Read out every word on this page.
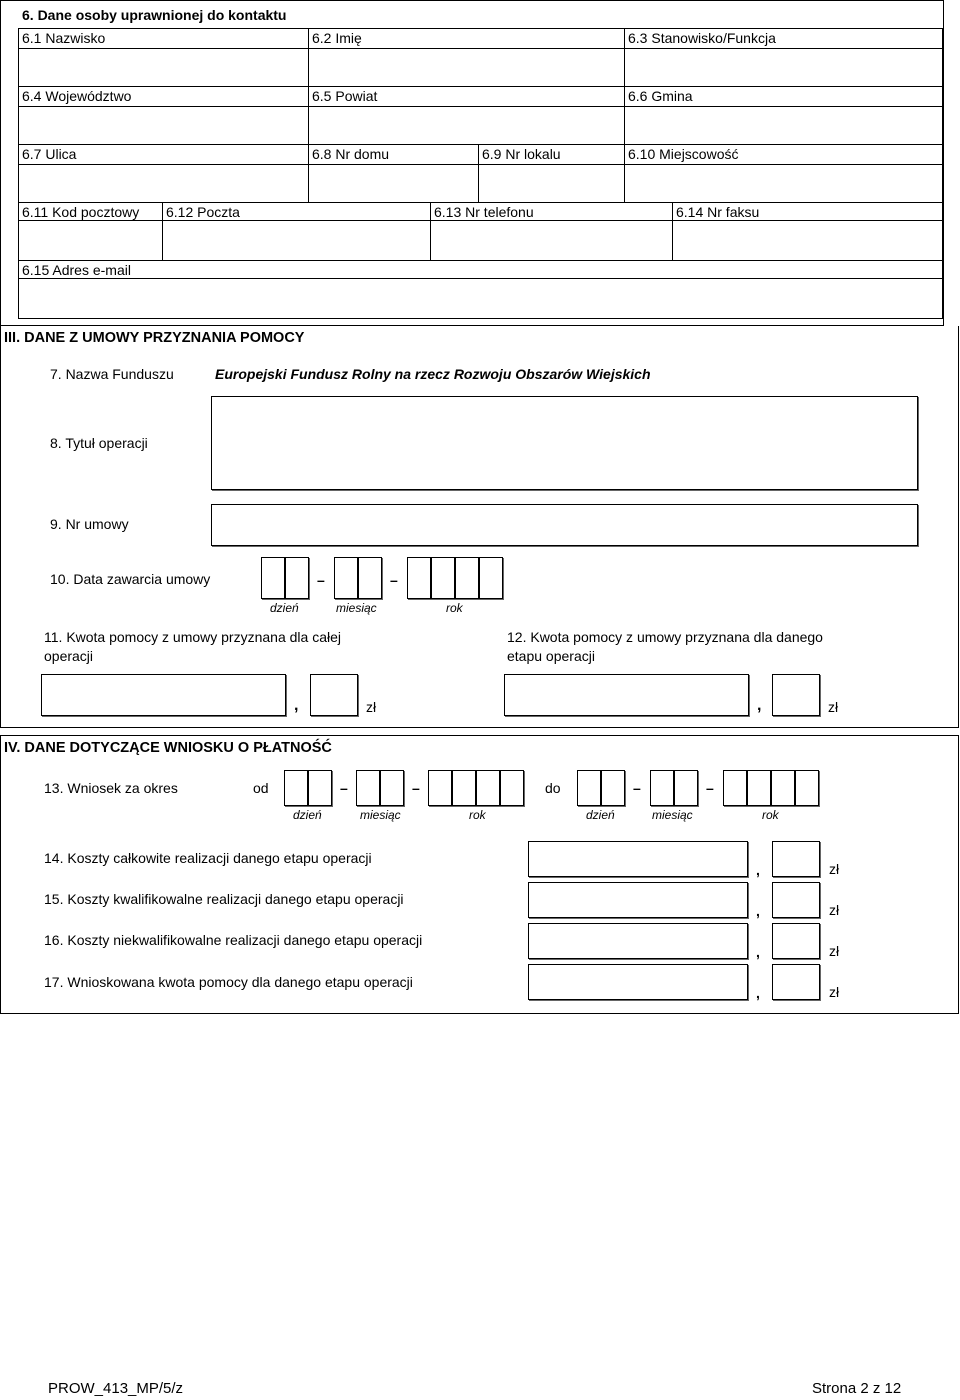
6. Dane osoby uprawnionej do kontaktu
6.1 Nazwisko	6.2 Imię	6.3 Stanowisko/Funkcja
6.4 Województwo	6.5 Powiat	6.6 Gmina
6.7 Ulica	6.8 Nr domu	6.9 Nr lokalu	6.10 Miejscowość
6.11 Kod pocztowy 6.12 Poczta	6.13 Nr telefonu	6.14 Nr faksu
6.15 Adres e-mail
III. DANE Z UMOWY PRZYZNANIA POMOCY
7. Nazwa Funduszu	Europejski Fundusz Rolny na rzecz Rozwoju Obszarów Wiejskich
8. Tytuł operacji
9. Nr umowy
10. Data zawarcia umowy	–	–
dzień	miesiąc	rok
11. Kwota pomocy z umowy przyznana dla całej
operacji
12. Kwota pomocy z umowy przyznana dla danego
etapu operacji
,	zł	,	zł
IV. DANE DOTYCZĄCE WNIOSKU O PŁATNOŚĆ
13. Wniosek za okres	od	–	–	do	–	–
dzień	miesiąc	rok	dzień	miesiąc	rok
14. Koszty całkowite realizacji danego etapu operacji
,	zł
15. Koszty kwalifikowalne realizacji danego etapu operacji
,	zł
16. Koszty niekwalifikowalne realizacji danego etapu operacji
,	zł
17. Wnioskowana kwota pomocy dla danego etapu operacji
,	zł
PROW_413_MP/5/z	Strona 2 z 12
